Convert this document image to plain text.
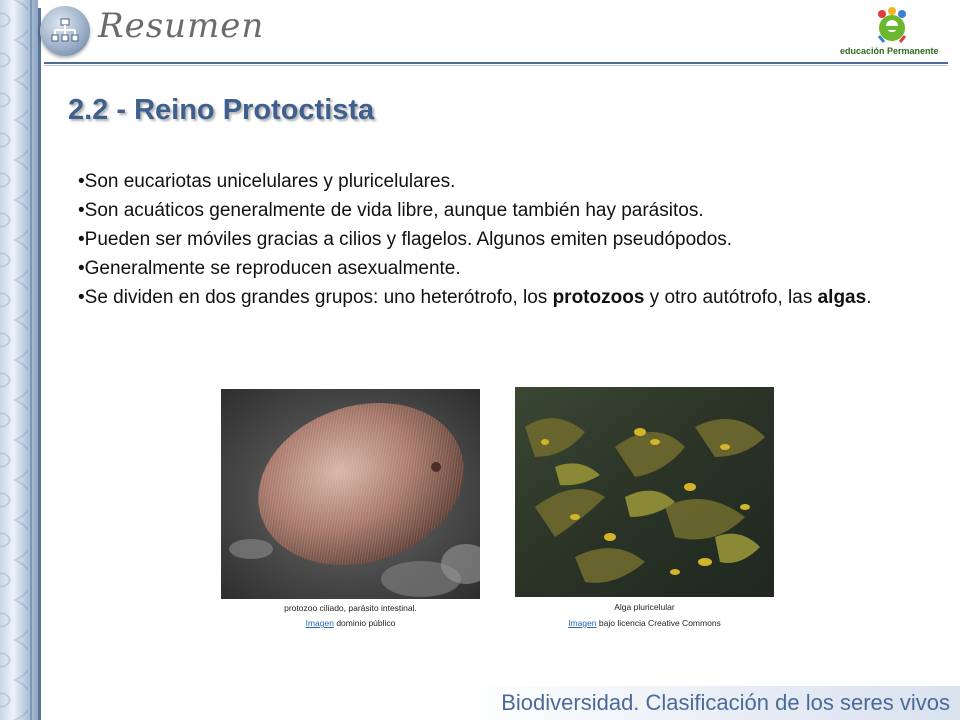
Resumen
educación Permanente
2.2 - Reino Protoctista
•Son eucariotas unicelulares y pluricelulares.
•Son acuáticos generalmente de vida libre, aunque también hay parásitos.
•Pueden ser móviles gracias a cilios y flagelos. Algunos emiten pseudópodos.
•Generalmente se reproducen asexualmente.
•Se dividen en dos grandes grupos: uno heterótrofo, los protozoos y otro autótrofo, las algas.
protozoo ciliado, parásito intestinal.
Imagen dominio público
Alga pluricelular
Imagen bajo licencia Creative Commons
Biodiversidad. Clasificación de los seres vivos
